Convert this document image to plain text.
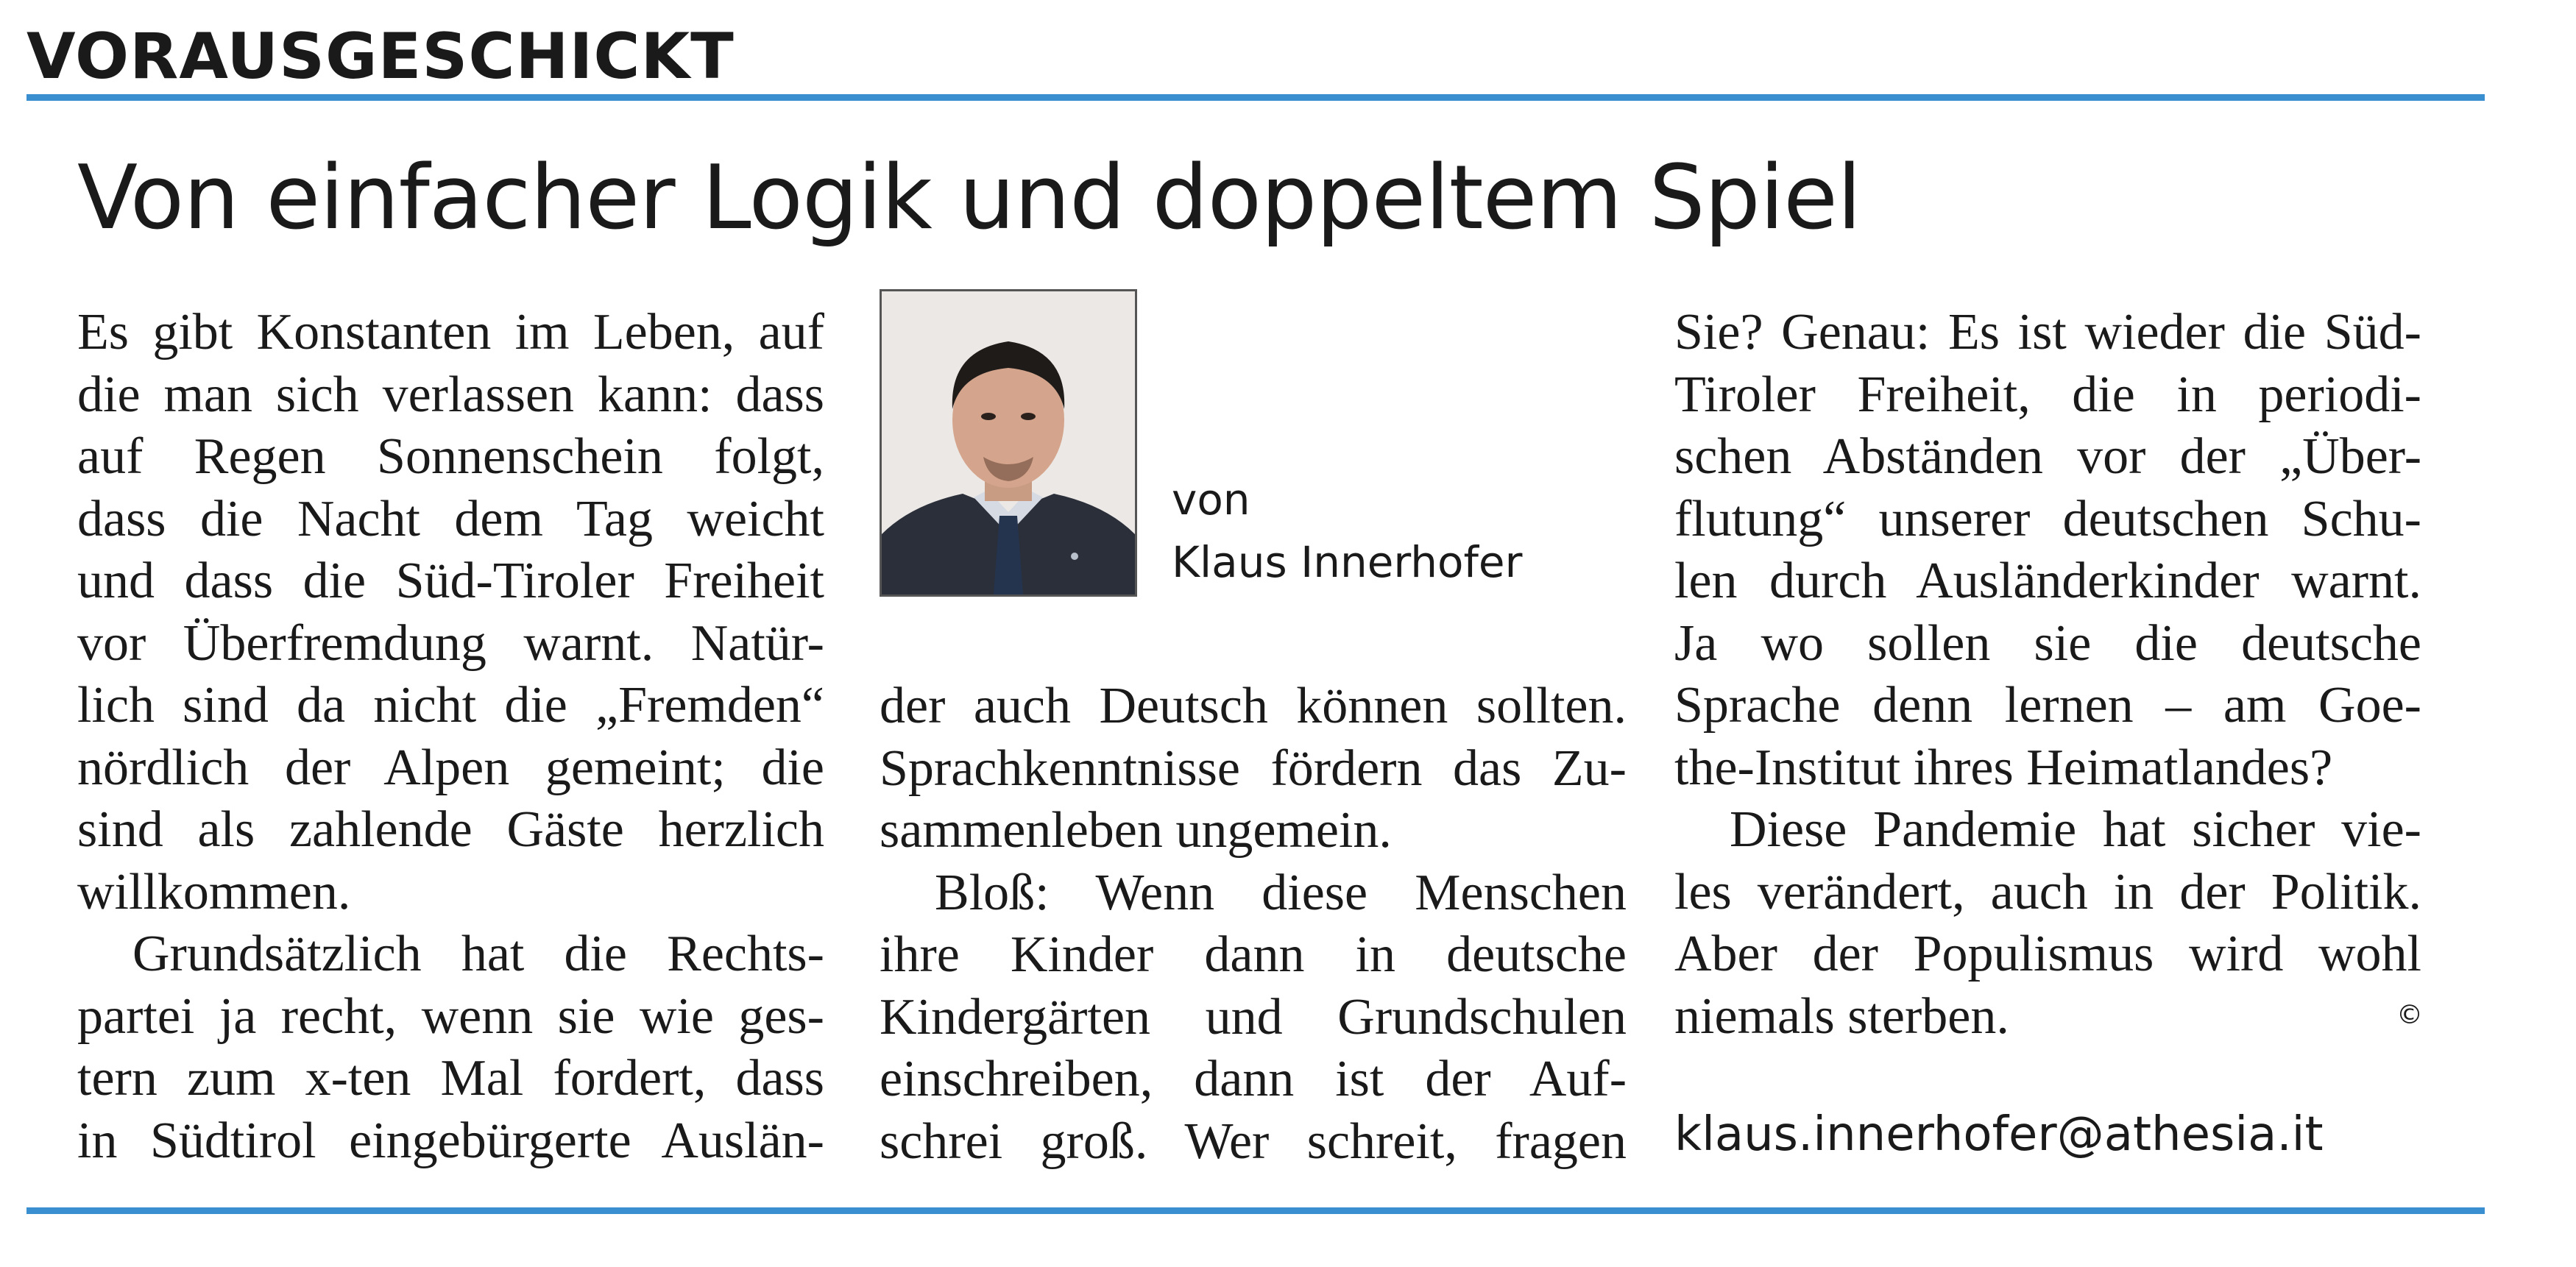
VORAUSGESCHICKT
Von einfacher Logik und doppeltem Spiel
Es gibt Konstanten im Leben, auf
die man sich verlassen kann: dass
auf Regen Sonnenschein folgt,
dass die Nacht dem Tag weicht
und dass die Süd-Tiroler Freiheit
vor Überfremdung warnt. Natür-
lich sind da nicht die „Fremden“
nördlich der Alpen gemeint; die
sind als zahlende Gäste herzlich
willkommen.
Grundsätzlich hat die Rechts-
partei ja recht, wenn sie wie ges-
tern zum x-ten Mal fordert, dass
in Südtirol eingebürgerte Auslän-
von
Klaus Innerhofer
der auch Deutsch können sollten.
Sprachkenntnisse fördern das Zu-
sammenleben ungemein.
Bloß: Wenn diese Menschen
ihre Kinder dann in deutsche
Kindergärten und Grundschulen
einschreiben, dann ist der Auf-
schrei groß. Wer schreit, fragen
Sie? Genau: Es ist wieder die Süd-
Tiroler Freiheit, die in periodi-
schen Abständen vor der „Über-
flutung“ unserer deutschen Schu-
len durch Ausländerkinder warnt.
Ja wo sollen sie die deutsche
Sprache denn lernen – am Goe-
the-Institut ihres Heimatlandes?
Diese Pandemie hat sicher vie-
les verändert, auch in der Politik.
Aber der Populismus wird wohl
niemals sterben.	©
klaus.innerhofer@athesia.it
